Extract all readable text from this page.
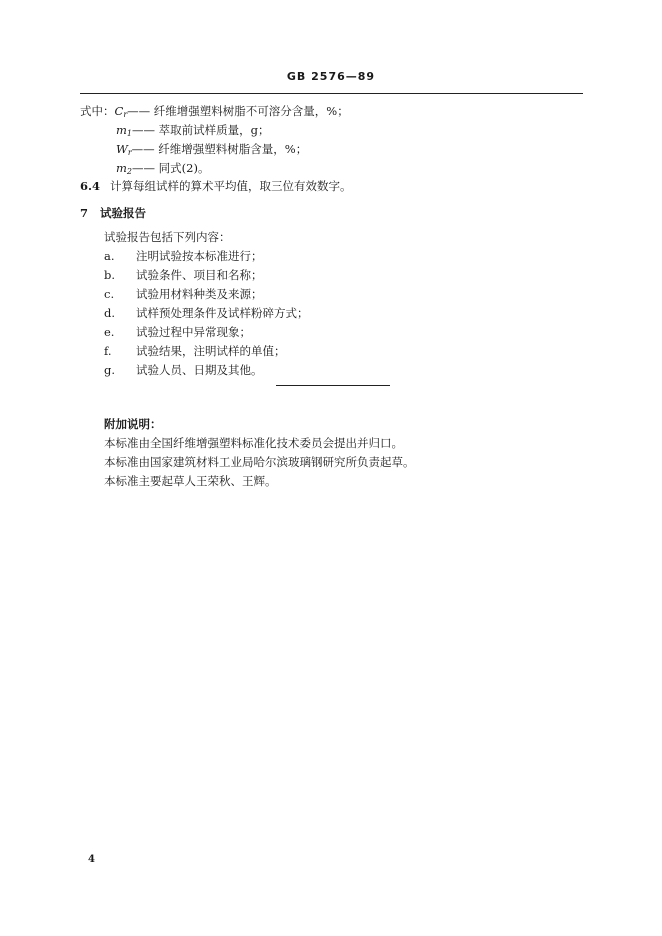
GB 2576—89
式中：$C_r——$ 纤维增强塑料树脂不可溶分含量，%；
$m_1——$ 萃取前试样质量，g；
$W_r——$ 纤维增强塑料树脂含量，%；
$m_2——$ 同式(2)。
6.4 计算每组试样的算术平均值，取三位有效数字。
7 试验报告
试验报告包括下列内容：
a. 注明试验按本标准进行；
b. 试验条件、项目和名称；
c. 试验用材料种类及来源；
d. 试样预处理条件及试样粉碎方式；
e. 试验过程中异常现象；
f. 试验结果，注明试样的单值；
g. 试验人员、日期及其他。
附加说明：
本标准由全国纤维增强塑料标准化技术委员会提出并归口。
本标准由国家建筑材料工业局哈尔滨玻璃钢研究所负责起草。
本标准主要起草人王荣秋、王辉。
4
